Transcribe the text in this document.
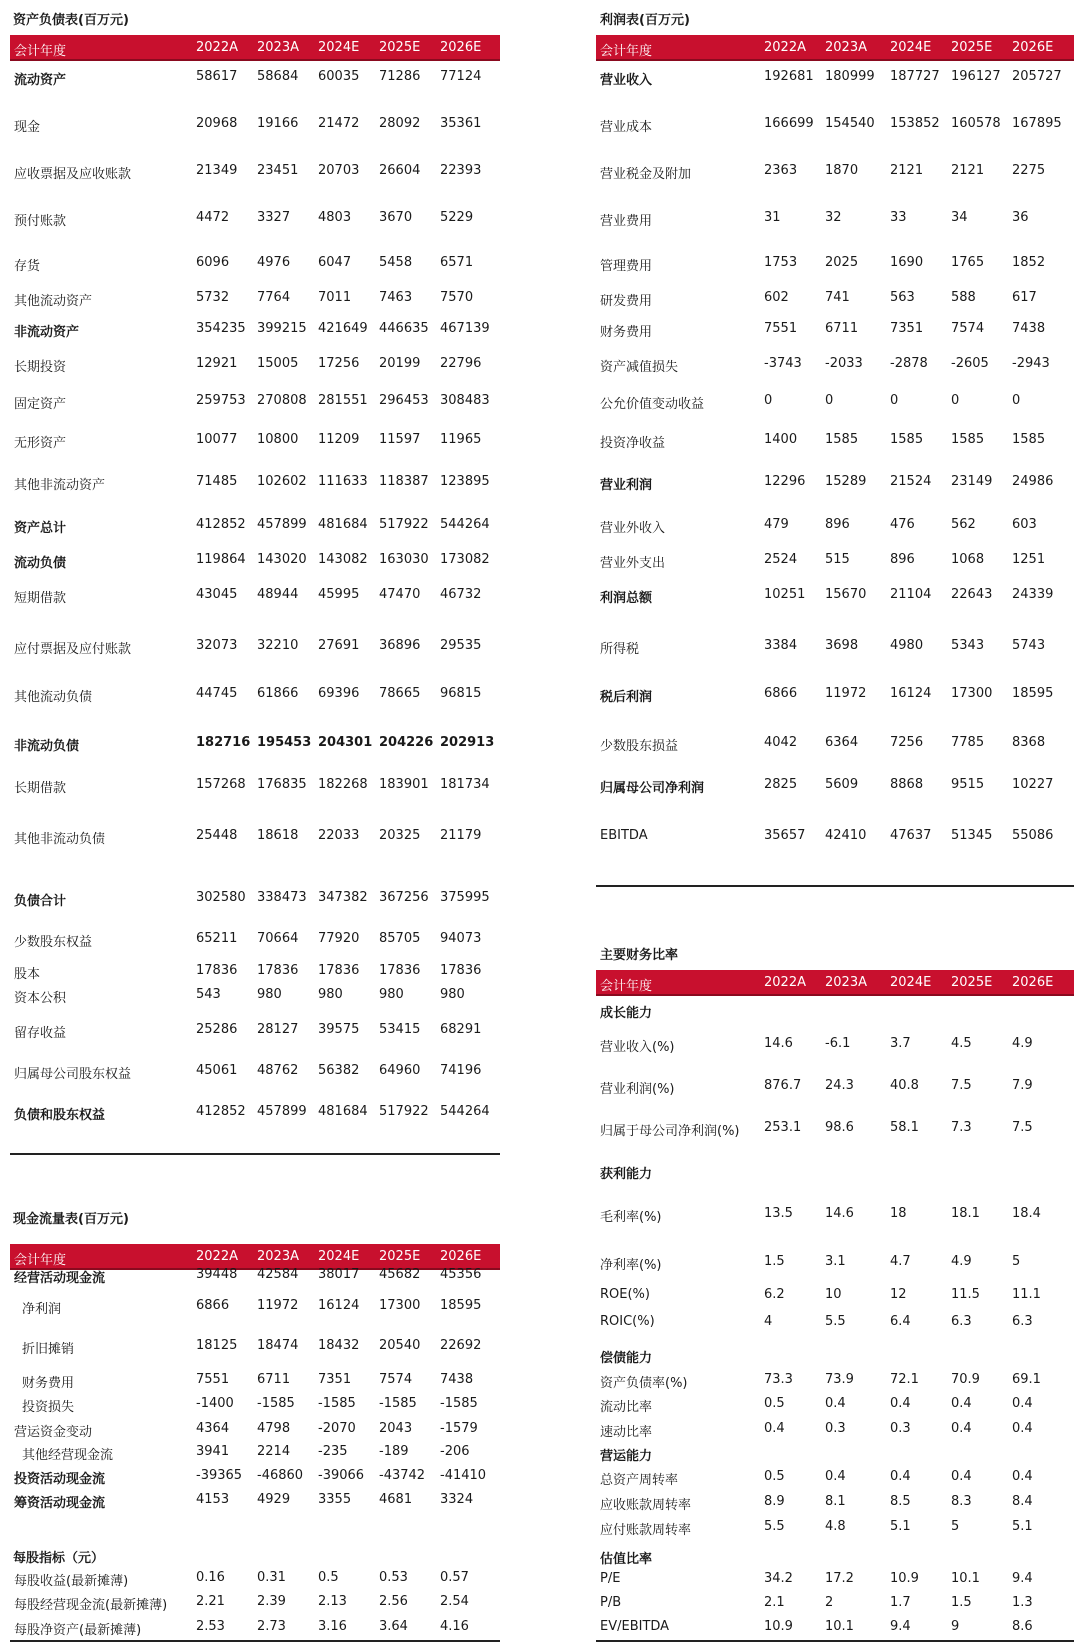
资产负债表(百万元)
会计年度	2022A 2023A 2024E 2025E 2026E
流动资产	58617 58684 60035 71286 77124
现金	20968 19166 21472 28092 35361
应收票据及应收账款	21349 23451 20703 26604 22393
预付账款	4472 3327 4803 3670 5229
存货	6096 4976 6047 5458 6571
其他流动资产	5732 7764 7011 7463 7570
非流动资产	354235 399215 421649 446635 467139
长期投资	12921 15005 17256 20199 22796
固定资产	259753 270808 281551 296453 308483
无形资产	10077 10800 11209 11597 11965
其他非流动资产	71485 102602 111633 118387 123895
资产总计	412852 457899 481684 517922 544264
流动负债	119864 143020 143082 163030 173082
短期借款	43045 48944 45995 47470 46732
应付票据及应付账款	32073 32210 27691 36896 29535
其他流动负债	44745 61866 69396 78665 96815
非流动负债	182716 195453 204301 204226 202913
长期借款	157268 176835 182268 183901 181734
其他非流动负债	25448 18618 22033 20325 21179
负债合计	302580 338473 347382 367256 375995
少数股东权益	65211 70664 77920 85705 94073
股本	17836 17836 17836 17836 17836
资本公积	543	980	980	980	980
留存收益	25286 28127 39575 53415 68291
归属母公司股东权益	45061 48762 56382 64960 74196
负债和股东权益	412852 457899 481684 517922 544264
利润表(百万元)
会计年度	2022A 2023A 2024E 2025E 2026E
营业收入	192681 180999 187727 196127 205727
营业成本	166699 154540 153852 160578 167895
营业税金及附加	2363 1870 2121 2121 2275
营业费用	31	32	33	34	36
管理费用	1753 2025 1690 1765 1852
研发费用	602	741	563	588	617
财务费用	7551 6711 7351 7574 7438
资产减值损失	-3743 -2033 -2878 -2605 -2943
公允价值变动收益	0	0	0	0	0
投资净收益	1400 1585 1585 1585 1585
营业利润	12296 15289 21524 23149 24986
营业外收入	479	896	476	562	603
营业外支出	2524 515	896	1068 1251
利润总额	10251 15670 21104 22643 24339
所得税	3384 3698 4980 5343 5743
税后利润	6866 11972 16124 17300 18595
少数股东损益	4042 6364 7256 7785 8368
归属母公司净利润	2825 5609 8868 9515 10227
EBITDA	35657 42410 47637 51345 55086
现金流量表(百万元)
会计年度	2022A 2023A 2024E 2025E 2026E
经营活动现金流	39448 42584 38017 45682 45356
净利润	6866 11972 16124 17300 18595
折旧摊销	18125 18474 18432 20540 22692
财务费用	7551 6711 7351 7574 7438
投资损失	-1400 -1585 -1585 -1585 -1585
营运资金变动	4364 4798 -2070 2043 -1579
其他经营现金流	3941 2214 -235 -189 -206
投资活动现金流	-39365 -46860 -39066 -43742 -41410
筹资活动现金流	4153 4929 3355 4681 3324
每股指标（元）
每股收益(最新摊薄)	0.16 0.31 0.5	0.53 0.57
每股经营现金流(最新摊薄) 2.21 2.39 2.13 2.56 2.54
每股净资产(最新摊薄)	2.53 2.73 3.16 3.64 4.16
主要财务比率
会计年度	2022A 2023A 2024E 2025E 2026E
成长能力
营业收入(%)	14.6 -6.1	3.7	4.5	4.9
营业利润(%)	876.7 24.3	40.8 7.5	7.9
归属于母公司净利润(%) 253.1 98.6	58.1 7.3	7.5
获利能力
毛利率(%)	13.5 14.6	18	18.1 18.4
净利率(%)	1.5	3.1	4.7	4.9	5
ROE(%)	6.2	10	12	11.5 11.1
ROIC(%)	4	5.5	6.4	6.3	6.3
偿债能力
资产负债率(%)	73.3 73.9	72.1 70.9 69.1
流动比率	0.5	0.4	0.4	0.4	0.4
速动比率	0.4	0.3	0.3	0.4	0.4
营运能力
总资产周转率	0.5	0.4	0.4	0.4	0.4
应收账款周转率	8.9	8.1	8.5	8.3	8.4
应付账款周转率	5.5	4.8	5.1	5	5.1
估值比率
P/E	34.2 17.2	10.9 10.1 9.4
P/B	2.1	2	1.7	1.5	1.3
EV/EBITDA	10.9 10.1	9.4	9	8.6
